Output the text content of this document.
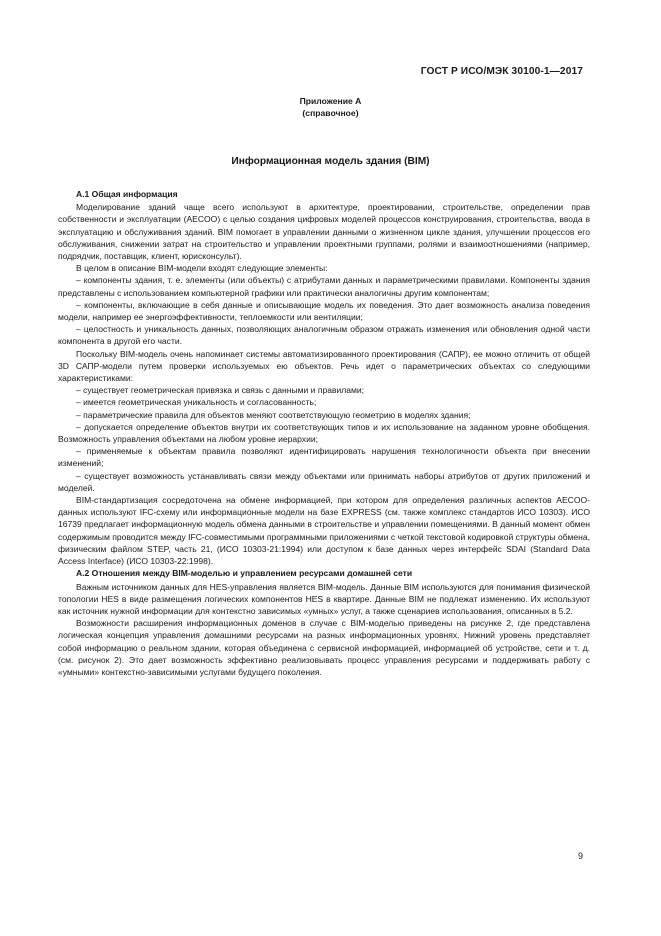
ГОСТ Р ИСО/МЭК 30100-1—2017
Приложение А
(справочное)
Информационная модель здания (BIM)

А.1 Общая информация

Моделирование зданий чаще всего используют в архитектуре, проектировании, строительстве, определении прав собственности и эксплуатации (AECOO) с целью создания цифровых моделей процессов конструирования, строительства, ввода в эксплуатацию и обслуживания зданий. BIM помогает в управлении данными о жизненном цикле здания, улучшении процессов его обслуживания, снижении затрат на строительство и управлении проектными группами, ролями и взаимоотношениями (например, подрядчик, поставщик, клиент, юрисконсульт).

В целом в описание BIM-модели входят следующие элементы:

– компоненты здания, т. е. элементы (или объекты) с атрибутами данных и параметрическими правилами. Компоненты здания представлены с использованием компьютерной графики или практически аналогичны другим компонентам;

– компоненты, включающие в себя данные и описывающие модель их поведения. Это дает возможность анализа поведения модели, например ее энергоэффективности, теплоемкости или вентиляции;

– целостность и уникальность данных, позволяющих аналогичным образом отражать изменения или обновления одной части компонента в другой его части.

Поскольку BIM-модель очень напоминает системы автоматизированного проектирования (САПР), ее можно отличить от общей 3D САПР-модели путем проверки используемых ею объектов. Речь идет о параметрических объектах со следующими характеристиками:

– существует геометрическая привязка и связь с данными и правилами;

– имеется геометрическая уникальность и согласованность;

– параметрические правила для объектов меняют соответствующую геометрию в моделях здания;

– допускается определение объектов внутри их соответствующих типов и их использование на заданном уровне обобщения. Возможность управления объектами на любом уровне иерархии;

– применяемые к объектам правила позволяют идентифицировать нарушения технологичности объекта при внесении изменений;

– существует возможность устанавливать связи между объектами или принимать наборы атрибутов от других приложений и моделей.

BIM-стандартизация сосредоточена на обмене информацией, при котором для определения различных аспектов AECOO-данных используют IFC-схему или информационные модели на базе EXPRESS (см. также комплекс стандартов ИСО 10303). ИСО 16739 предлагает информационную модель обмена данными в строительстве и управлении помещениями. В данный момент обмен содержимым проводится между IFC-совместимыми программными приложениями с четкой текстовой кодировкой структуры обмена, физическим файлом STEP, часть 21, (ИСО 10303-21:1994) или доступом к базе данных через интерфейс SDAI (Standard Data Access Interface) (ИСО 10303-22:1998).

А.2 Отношения между BIM-моделью и управлением ресурсами домашней сети

Важным источником данных для HES-управления является BIM-модель. Данные BIM используются для понимания физической топологии HES в виде размещения логических компонентов HES в квартире. Данные BIM не подлежат изменению. Их используют как источник нужной информации для контекстно зависимых «умных» услуг, а также сценариев использования, описанных в 5.2.

Возможности расширения информационных доменов в случае с BIM-моделью приведены на рисунке 2, где представлена логическая концепция управления домашними ресурсами на разных информационных уровнях. Нижний уровень представляет собой информацию о реальном здании, которая объединена с сервисной информацией, информацией об устройстве, сети и т. д. (см. рисунок 2). Это дает возможность эффективно реализовывать процесс управления ресурсами и поддерживать работу с «умными» контекстно-зависимыми услугами будущего поколения.

9
